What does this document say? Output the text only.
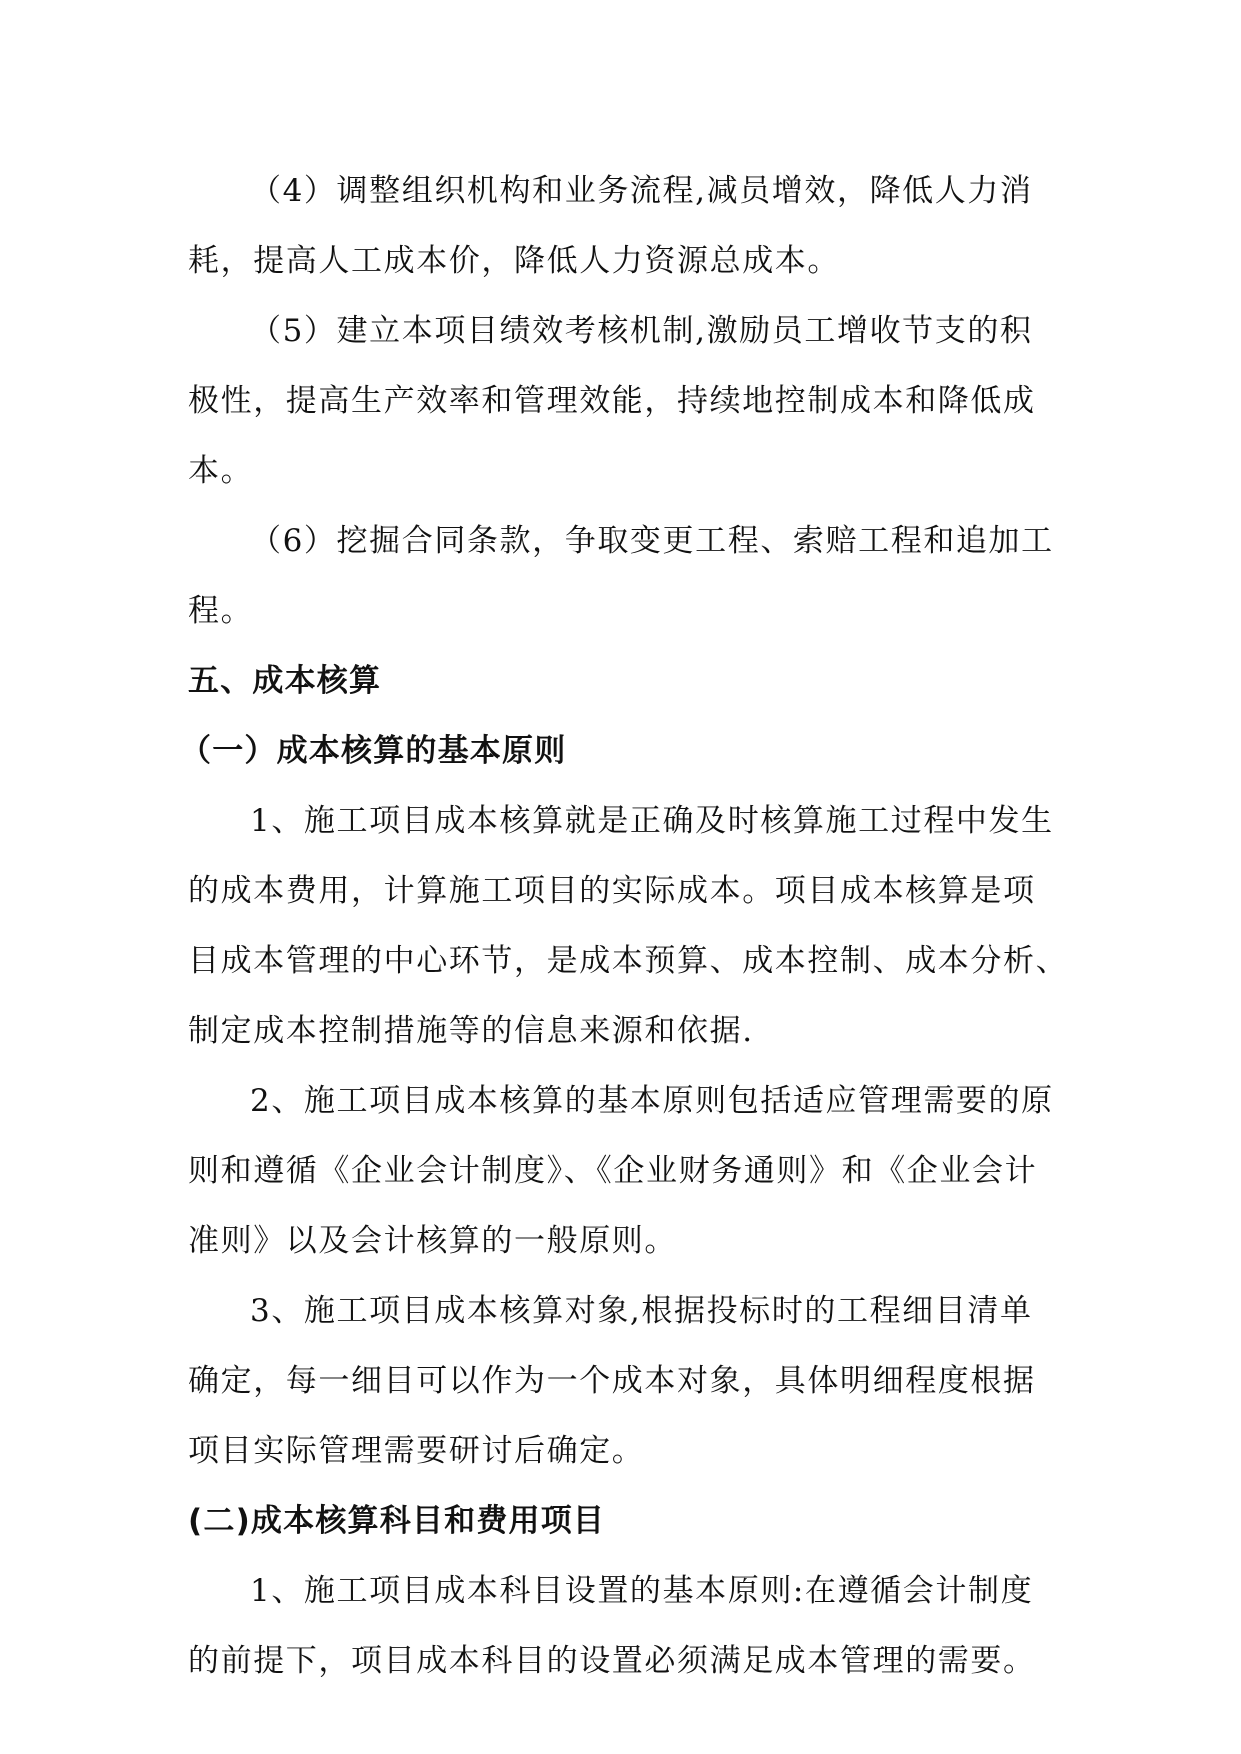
（4）调整组织机构和业务流程,减员增效，降低人力消
耗，提高人工成本价，降低人力资源总成本。
（5）建立本项目绩效考核机制,激励员工增收节支的积
极性，提高生产效率和管理效能，持续地控制成本和降低成
本。
（6）挖掘合同条款，争取变更工程、索赔工程和追加工
程。
五、成本核算
（一）成本核算的基本原则
1、施工项目成本核算就是正确及时核算施工过程中发生
的成本费用，计算施工项目的实际成本。项目成本核算是项
目成本管理的中心环节，是成本预算、成本控制、成本分析、
制定成本控制措施等的信息来源和依据.
2、施工项目成本核算的基本原则包括适应管理需要的原
则和遵循《企业会计制度》、《企业财务通则》和《企业会计
准则》以及会计核算的一般原则。
3、施工项目成本核算对象,根据投标时的工程细目清单
确定，每一细目可以作为一个成本对象，具体明细程度根据
项目实际管理需要研讨后确定。
(二)成本核算科目和费用项目
1、施工项目成本科目设置的基本原则:在遵循会计制度
的前提下，项目成本科目的设置必须满足成本管理的需要。
